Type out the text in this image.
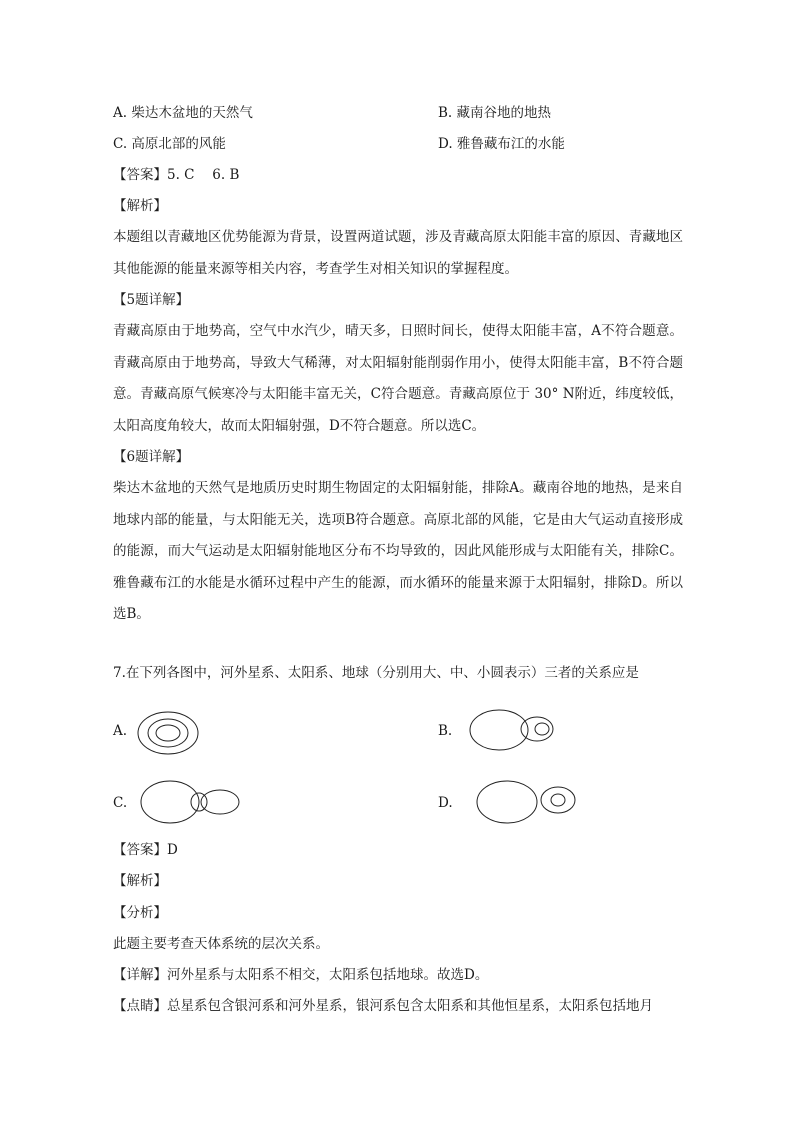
A. 柴达木盆地的天然气	B. 藏南谷地的地热
C. 高原北部的风能	D. 雅鲁藏布江的水能
【答案】5. C　 6. B
【解析】
本题组以青藏地区优势能源为背景，设置两道试题，涉及青藏高原太阳能丰富的原因、青藏地区其他能源的能量来源等相关内容，考查学生对相关知识的掌握程度。
【5题详解】
青藏高原由于地势高，空气中水汽少，晴天多，日照时间长，使得太阳能丰富，A不符合题意。青藏高原由于地势高，导致大气稀薄，对太阳辐射能削弱作用小，使得太阳能丰富，B不符合题意。青藏高原气候寒冷与太阳能丰富无关，C符合题意。青藏高原位于 30° N附近，纬度较低，太阳高度角较大，故而太阳辐射强，D不符合题意。所以选C。
【6题详解】
柴达木盆地的天然气是地质历史时期生物固定的太阳辐射能，排除A。藏南谷地的地热，是来自地球内部的能量，与太阳能无关，选项B符合题意。高原北部的风能，它是由大气运动直接形成的能源，而大气运动是太阳辐射能地区分布不均导致的，因此风能形成与太阳能有关，排除C。雅鲁藏布江的水能是水循环过程中产生的能源，而水循环的能量来源于太阳辐射，排除D。所以选B。
7.在下列各图中，河外星系、太阳系、地球（分别用大、中、小圆表示）三者的关系应是
A.	B.
C.	D.
【答案】D
【解析】
【分析】
此题主要考查天体系统的层次关系。
【详解】河外星系与太阳系不相交，太阳系包括地球。故选D。
【点睛】总星系包含银河系和河外星系，银河系包含太阳系和其他恒星系，太阳系包括地月
